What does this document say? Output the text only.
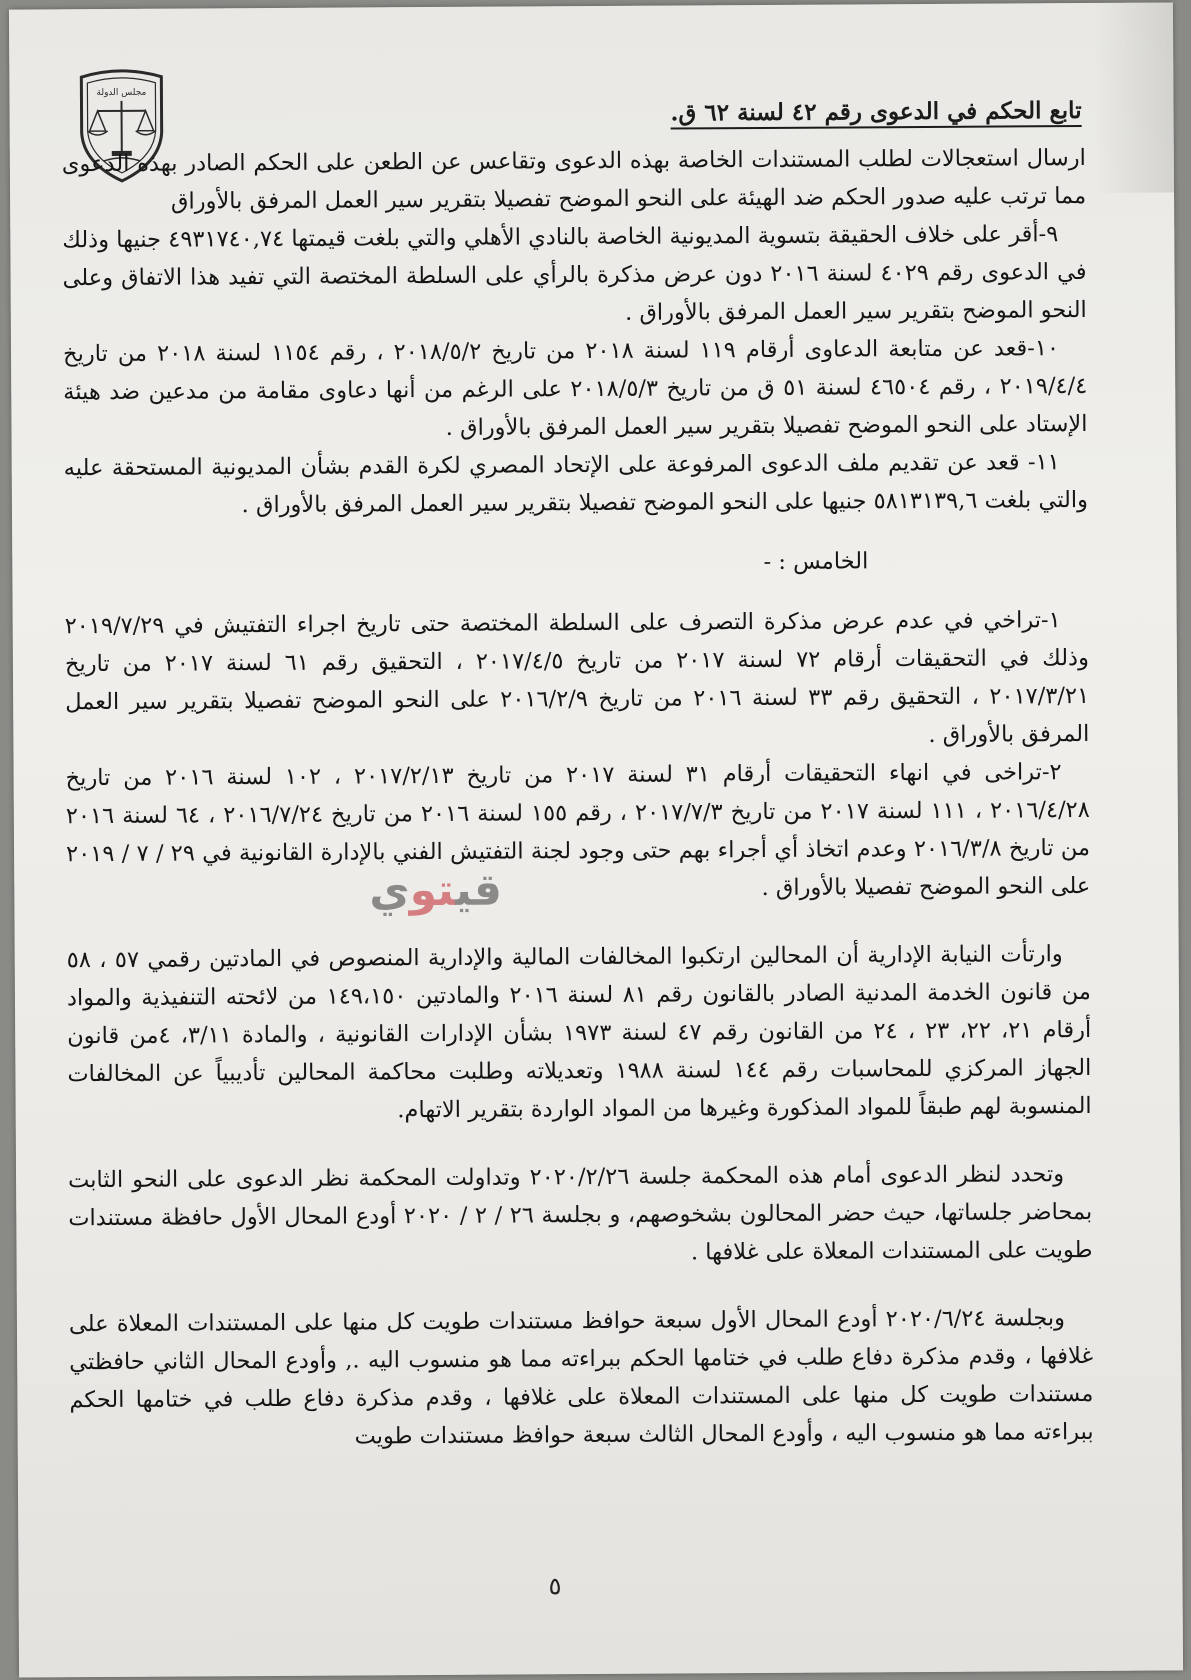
مجلس الدولة
تابع الحكم في الدعوى رقم ٤٢ لسنة ٦٢ ق.

ارسال استعجالات لطلب المستندات الخاصة بهذه الدعوى وتقاعس عن الطعن على الحكم الصادر بهذه الدعوى مما ترتب عليه صدور الحكم ضد الهيئة على النحو الموضح تفصيلا بتقرير سير العمل المرفق بالأوراق

٩-أقر على خلاف الحقيقة بتسوية المديونية الخاصة بالنادي الأهلي والتي بلغت قيمتها ٤٩٣١٧٤٠,٧٤ جنيها وذلك في الدعوى رقم ٤٠٢٩ لسنة ٢٠١٦ دون عرض مذكرة بالرأي على السلطة المختصة التي تفيد هذا الاتفاق وعلى النحو الموضح بتقرير سير العمل المرفق بالأوراق .

١٠-قعد عن متابعة الدعاوى أرقام ١١٩ لسنة ٢٠١٨ من تاريخ ٢٠١٨/٥/٢ ، رقم ١١٥٤ لسنة ٢٠١٨ من تاريخ ٢٠١٩/٤/٤ ، رقم ٤٦٥٠٤ لسنة ٥١ ق من تاريخ ٢٠١٨/٥/٣ على الرغم من أنها دعاوى مقامة من مدعين ضد هيئة الإستاد على النحو الموضح تفصيلا بتقرير سير العمل المرفق بالأوراق .

١١- قعد عن تقديم ملف الدعوى المرفوعة على الإتحاد المصري لكرة القدم بشأن المديونية المستحقة عليه والتي بلغت ٥٨١٣١٣٩,٦ جنيها على النحو الموضح تفصيلا بتقرير سير العمل المرفق بالأوراق .

الخامس : -

١-تراخي في عدم عرض مذكرة التصرف على السلطة المختصة حتى تاريخ اجراء التفتيش في ٢٠١٩/٧/٢٩ وذلك في التحقيقات أرقام ٧٢ لسنة ٢٠١٧ من تاريخ ٢٠١٧/٤/٥ ، التحقيق رقم ٦١ لسنة ٢٠١٧ من تاريخ ٢٠١٧/٣/٢١ ، التحقيق رقم ٣٣ لسنة ٢٠١٦ من تاريخ ٢٠١٦/٢/٩ على النحو الموضح تفصيلا بتقرير سير العمل المرفق بالأوراق .

٢-تراخى في انهاء التحقيقات أرقام ٣١ لسنة ٢٠١٧ من تاريخ ٢٠١٧/٢/١٣ ، ١٠٢ لسنة ٢٠١٦ من تاريخ ٢٠١٦/٤/٢٨ ، ١١١ لسنة ٢٠١٧ من تاريخ ٢٠١٧/٧/٣ ، رقم ١٥٥ لسنة ٢٠١٦ من تاريخ ٢٠١٦/٧/٢٤ ، ٦٤ لسنة ٢٠١٦ من تاريخ ٢٠١٦/٣/٨ وعدم اتخاذ أي أجراء بهم حتى وجود لجنة التفتيش الفني بالإدارة القانونية في ٢٩ / ٧ / ٢٠١٩ على النحو الموضح تفصيلا بالأوراق .

وارتأت النيابة الإدارية أن المحالين ارتكبوا المخالفات المالية والإدارية المنصوص في المادتين رقمي ٥٧ ، ٥٨ من قانون الخدمة المدنية الصادر بالقانون رقم ٨١ لسنة ٢٠١٦ والمادتين ١٤٩،١٥٠ من لائحته التنفيذية والمواد أرقام ٢١، ٢٢، ٢٣ ، ٢٤ من القانون رقم ٤٧ لسنة ١٩٧٣ بشأن الإدارات القانونية ، والمادة ٣/١١، ٤من قانون الجهاز المركزي للمحاسبات رقم ١٤٤ لسنة ١٩٨٨ وتعديلاته وطلبت محاكمة المحالين تأديبياً عن المخالفات المنسوبة لهم طبقاً للمواد المذكورة وغيرها من المواد الواردة بتقرير الاتهام.

وتحدد لنظر الدعوى أمام هذه المحكمة جلسة ٢٠٢٠/٢/٢٦ وتداولت المحكمة نظر الدعوى على النحو الثابت بمحاضر جلساتها، حيث حضر المحالون بشخوصهم، و بجلسة ٢٦ / ٢ / ٢٠٢٠ أودع المحال الأول حافظة مستندات طويت على المستندات المعلاة على غلافها .

وبجلسة ٢٠٢٠/٦/٢٤ أودع المحال الأول سبعة حوافظ مستندات طويت كل منها على المستندات المعلاة على غلافها ، وقدم مذكرة دفاع طلب في ختامها الحكم ببراءته مما هو منسوب اليه ., وأودع المحال الثاني حافظتي مستندات طويت كل منها على المستندات المعلاة على غلافها ، وقدم مذكرة دفاع طلب في ختامها الحكم ببراءته مما هو منسوب اليه ، وأودع المحال الثالث سبعة حوافظ مستندات طويت

قيتوي
٥
